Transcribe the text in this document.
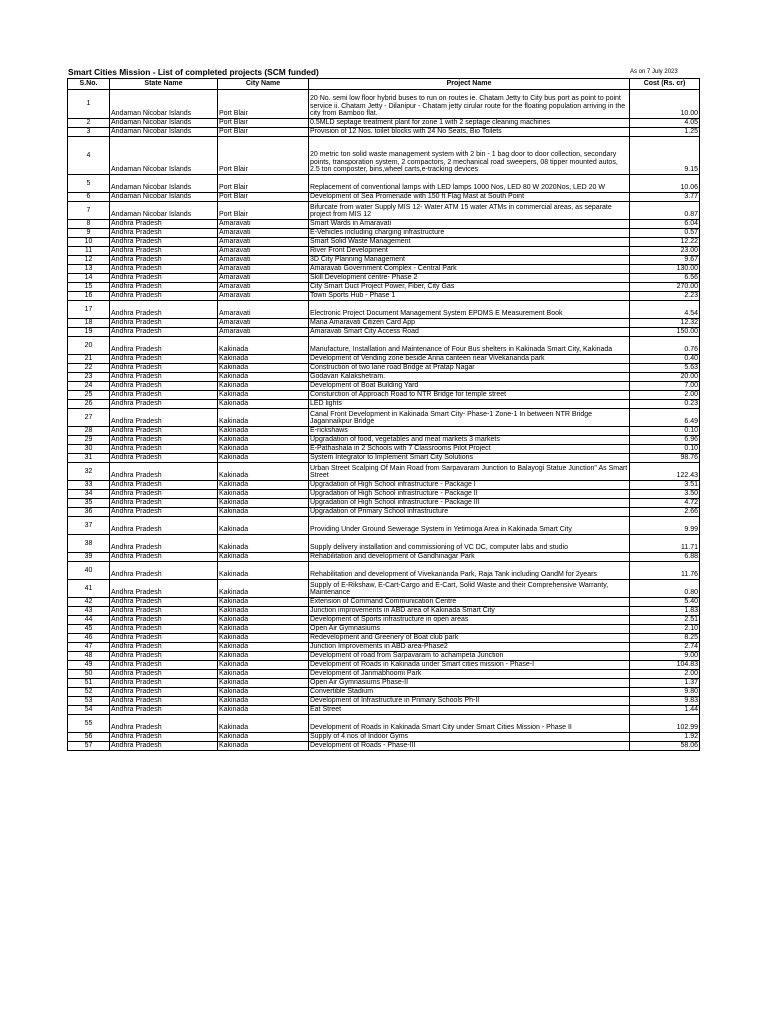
Smart Cities Mission - List of completed projects (SCM funded)	As on 7 July 2023
S.No.	State Name	City Name	Project Name	Cost (Rs. cr)
1	Andaman Nicobar Islands	Port Blair	20 No. semi low floor hybrid buses to run on routes ie. Chatam Jetty to City bus port as point to point service ii. Chatam Jetty - Dilanipur - Chatam jetty cirular route for the floating population arriving in the city from Bamboo flat.	10.00
2	Andaman Nicobar Islands	Port Blair	0.5MLD septage treatment plant for zone 1 with 2 septage cleaning machines	4.05
3	Andaman Nicobar Islands	Port Blair	Provision of 12 Nos. toilet blocks with 24 No Seats, Bio Toilets	1.25
4	Andaman Nicobar Islands	Port Blair	20 metric ton solid waste management system with 2 bin - 1 bag door to door collection, secondary points, transporation system, 2 compactors, 2 mechanical road sweepers, 08 tipper mounted autos, 2.5 ton composter, bins,wheel carts,e-tracking devices	9.15
5	Andaman Nicobar Islands	Port Blair	Replacement of conventional lamps with LED lamps 1000 Nos, LED 80 W 2020Nos, LED 20 W	10.06
6	Andaman Nicobar Islands	Port Blair	Development of Sea Promenade with 150 ft Flag Mast at South Point	3.77
7	Andaman Nicobar Islands	Port Blair	Bifurcate from water Supply MIS 12- Water ATM 15 water ATMs in commercial areas, as separate project from MIS 12	0.87
8	Andhra Pradesh	Amaravati	Smart Wards in Amaravati	6.04
9	Andhra Pradesh	Amaravati	E-Vehicles including charging infrastructure	0.57
10	Andhra Pradesh	Amaravati	Smart Solid Waste Management	12.22
11	Andhra Pradesh	Amaravati	River Front Development	23.00
12	Andhra Pradesh	Amaravati	3D City Planning Management	9.67
13	Andhra Pradesh	Amaravati	Amaravati Government Complex - Central Park	130.00
14	Andhra Pradesh	Amaravati	Skill Development centre- Phase 2	6.56
15	Andhra Pradesh	Amaravati	City Smart Duct Project Power, Fiber, City Gas	270.00
16	Andhra Pradesh	Amaravati	Town Sports Hub - Phase 1	2.23
17	Andhra Pradesh	Amaravati	Electronic Project Document Management System EPDMS E Measurement Book	4.54
18	Andhra Pradesh	Amaravati	Mana Amaravati Citizen Card App	12.32
19	Andhra Pradesh	Amaravati	Amaravati Smart City Access Road	150.00
20	Andhra Pradesh	Kakinada	Manufacture, Installation and Maintenance of Four Bus shelters in Kakinada Smart City, Kakinada	0.76
21	Andhra Pradesh	Kakinada	Development of Vending zone beside Anna canteen near Vivekananda park	0.40
22	Andhra Pradesh	Kakinada	Construction of two lane road Bridge at Pratap Nagar	5.63
23	Andhra Pradesh	Kakinada	Godavari Kalakshetram.	20.00
24	Andhra Pradesh	Kakinada	Development of Boat Building Yard	7.00
25	Andhra Pradesh	Kakinada	Consturction of Approach Road to NTR Bridge for temple street	2.00
26	Andhra Pradesh	Kakinada	LED lights	0.23
27	Andhra Pradesh	Kakinada	Canal Front Development in Kakinada Smart City- Phase-1 Zone-1 In between NTR Bridge Jagannaikpur Bridge	6.49
28	Andhra Pradesh	Kakinada	E-rickshaws	0.10
29	Andhra Pradesh	Kakinada	Upgradation of food, vegetables and meat markets 3 markets	6.96
30	Andhra Pradesh	Kakinada	E-Pathashala in 2 Schools with 7 Classrooms Pilot Project	0.10
31	Andhra Pradesh	Kakinada	System Integrator to Implement Smart City Solutions	98.76
32	Andhra Pradesh	Kakinada	Urban Street Scalping Of Main Road from Sarpavaram Junction to Balayogi Statue Junction" As Smart Street	122.43
33	Andhra Pradesh	Kakinada	Upgradation of High School infrastructure - Package I	3.51
34	Andhra Pradesh	Kakinada	Upgradation of High School infrastructure - Package II	3.50
35	Andhra Pradesh	Kakinada	Upgradation of High School infrastructure - Package III	4.72
36	Andhra Pradesh	Kakinada	Upgradation of Primary School infrastructure	2.66
37	Andhra Pradesh	Kakinada	Providing Under Ground Sewerage System in Yetimoga Area in Kakinada Smart City	9.99
38	Andhra Pradesh	Kakinada	Supply delivery installation and commissioning of VC DC, computer labs and studio	11.71
39	Andhra Pradesh	Kakinada	Rehabilitation and development of Gandhinagar Park	6.88
40	Andhra Pradesh	Kakinada	Rehabilitation and development of Vivekananda Park, Raja Tank including OandM for 2years	11.76
41	Andhra Pradesh	Kakinada	Supply of E-Rikshaw, E-Cart-Cargo and E-Cart, Solid Waste and their Comprehensive Warranty, Maintenance	0.80
42	Andhra Pradesh	Kakinada	Extension of Command Communication Centre	5.40
43	Andhra Pradesh	Kakinada	Junction improvements in ABD area of Kakinada Smart City	1.83
44	Andhra Pradesh	Kakinada	Development of Sports infrastructure in open areas	2.51
45	Andhra Pradesh	Kakinada	Open Air Gymnasiums	2.10
46	Andhra Pradesh	Kakinada	Redevelopment and Greenery of Boat club park	8.25
47	Andhra Pradesh	Kakinada	Junction Improvements in ABD area-Phase2	2.74
48	Andhra Pradesh	Kakinada	Development of road from Sarpavaram to achampeta Junction	9.00
49	Andhra Pradesh	Kakinada	Development of Roads in Kakinada under Smart cities mission - Phase-I	104.83
50	Andhra Pradesh	Kakinada	Development of Janmabhoomi Park	2.00
51	Andhra Pradesh	Kakinada	Open Air Gymnasiums Phase-II	1.37
52	Andhra Pradesh	Kakinada	Convertible Stadium	9.80
53	Andhra Pradesh	Kakinada	Development of Infrastructure in Primary Schools Ph-II	9.83
54	Andhra Pradesh	Kakinada	Eat Street	1.44
55	Andhra Pradesh	Kakinada	Development of Roads in Kakinada Smart City under Smart Cities Mission - Phase II	102.99
56	Andhra Pradesh	Kakinada	Supply of 4 nos of Indoor Gyms	1.92
57	Andhra Pradesh	Kakinada	Development of Roads - Phase-III	58.06
